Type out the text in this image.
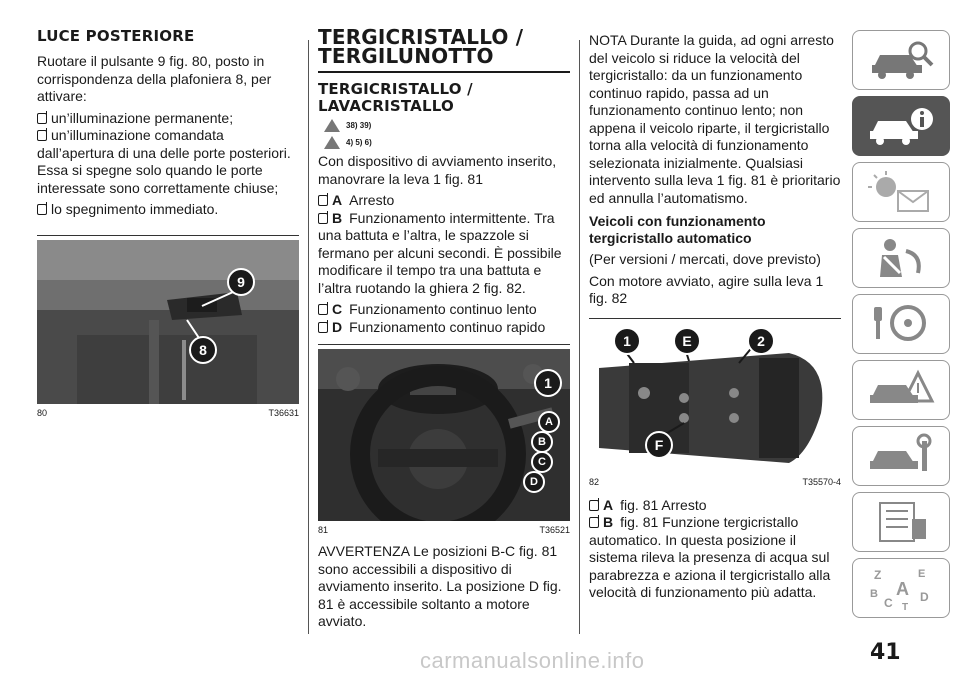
LUCE POSTERIORE

Ruotare il pulsante 9 fig. 80, posto in corrispondenza della plafoniera 8, per attivare:

un’illuminazione permanente;
un’illuminazione comandata

dall’apertura di una delle porte posteriori. Essa si spegne solo quando le porte interessate sono correttamente chiuse;

lo spegnimento immediato.
9
8
80	T36631
TERGICRISTALLO / TERGILUNOTTO
TERGICRISTALLO / LAVACRISTALLO
38) 39)
4) 5) 6)

Con dispositivo di avviamento inserito, manovrare la leva 1 fig. 81

A Arresto
B Funzionamento intermittente. Tra

una battuta e l’altra, le spazzole si fermano per alcuni secondi. È possibile modificare il tempo tra una battuta e l’altra ruotando la ghiera 2 fig. 82.

C Funzionamento continuo lento
D Funzionamento continuo rapido
1
A
B
C
D
81	T36521

AVVERTENZA Le posizioni B-C fig. 81 sono accessibili a dispositivo di avviamento inserito. La posizione D fig. 81 è accessibile soltanto a motore avviato.

NOTA Durante la guida, ad ogni arresto del veicolo si riduce la velocità del tergicristallo: da un funzionamento continuo rapido, passa ad un funzionamento continuo lento; non appena il veicolo riparte, il tergicristallo torna alla velocità di funzionamento selezionata inizialmente. Qualsiasi intervento sulla leva 1 fig. 81 è prioritario ed annulla l’automatismo.

Veicoli con funzionamento tergicristallo automatico

(Per versioni / mercati, dove previsto)

Con motore avviato, agire sulla leva 1 fig. 82

1	E	2
F
82	T35570-4
A fig. 81 Arresto
B fig. 81 Funzione tergicristallo

automatico. In questa posizione il sistema rileva la presenza di acqua sul parabrezza e aziona il tergicristallo alla velocità di funzionamento più adatta.

Z	E
B A
C D
T
41
carmanualsonline.info
